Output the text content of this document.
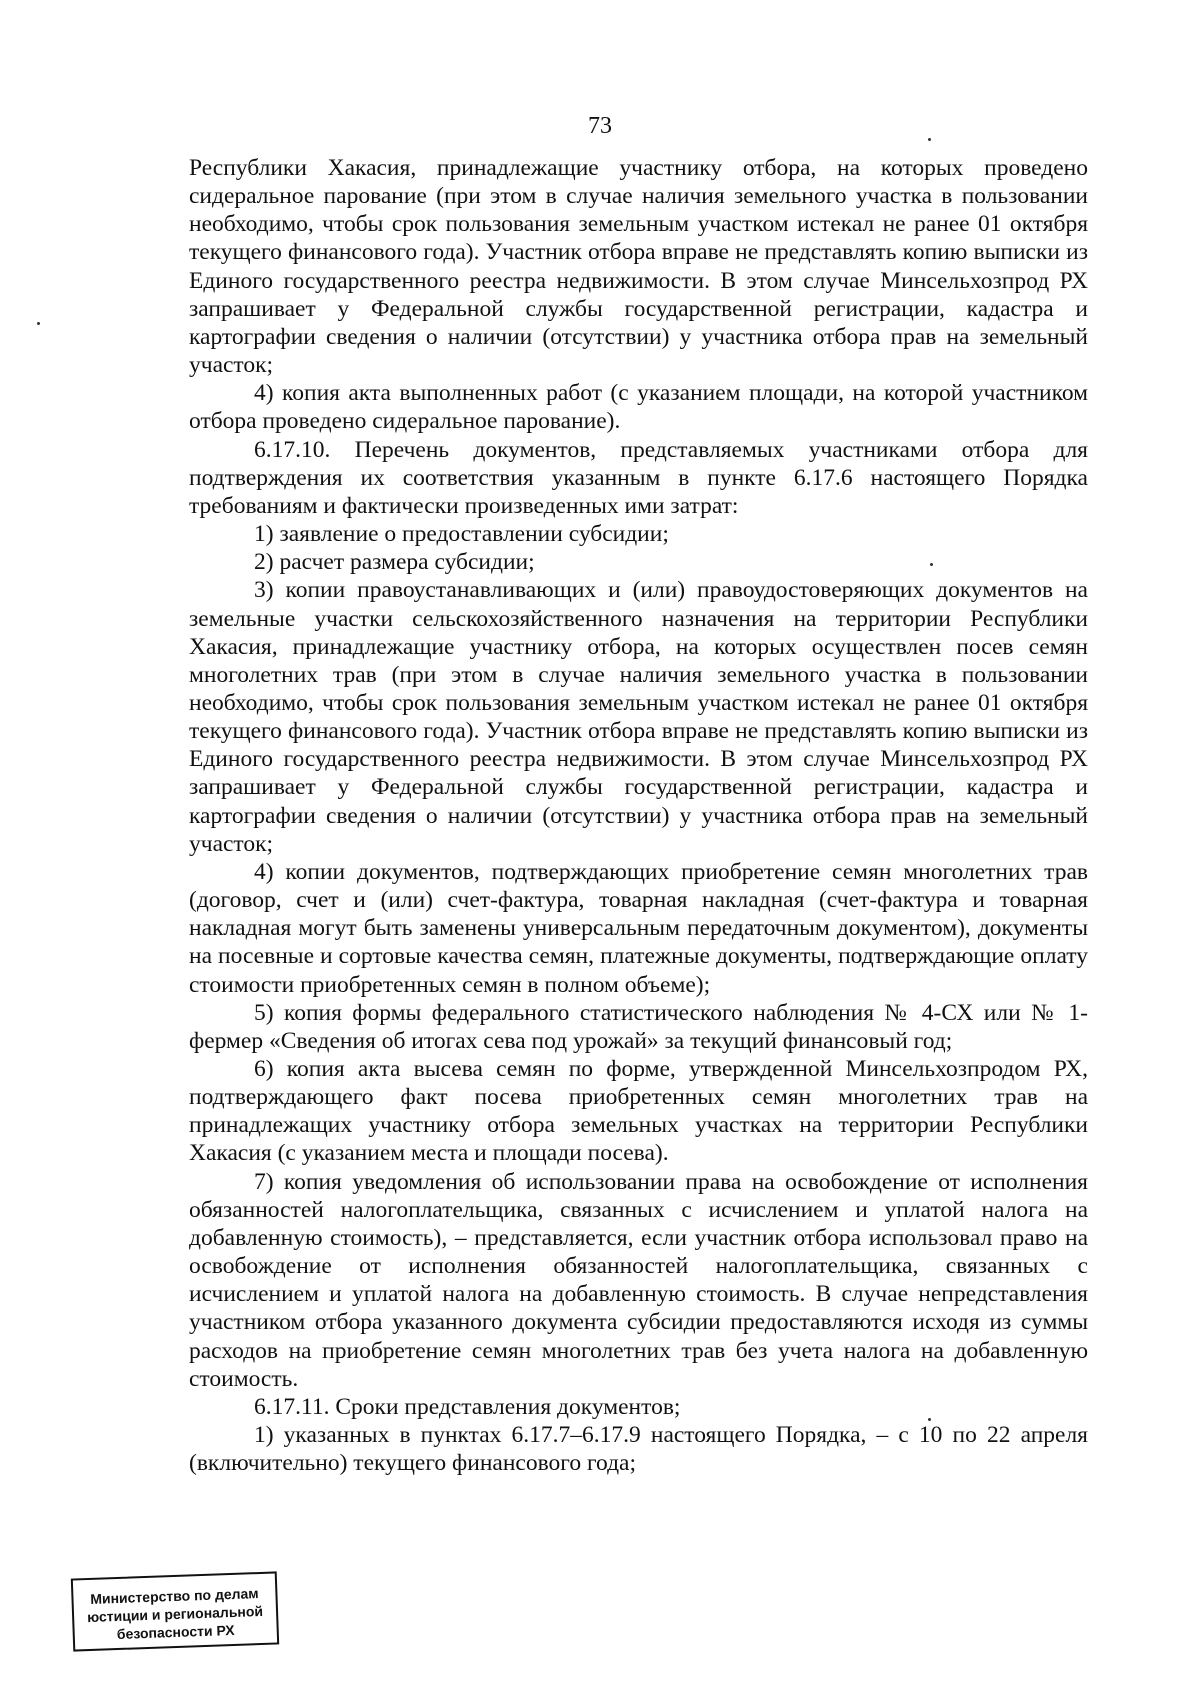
73

Республики Хакасия, принадлежащие участнику отбора, на которых проведено сидеральное парование (при этом в случае наличия земельного участка в пользовании необходимо, чтобы срок пользования земельным участком истекал не ранее 01 октября текущего финансового года). Участник отбора вправе не представлять копию выписки из Единого государственного реестра недвижимости. В этом случае Минсельхозпрод РХ запрашивает у Федеральной службы государственной регистрации, кадастра и картографии сведения о наличии (отсутствии) у участника отбора прав на земельный участок;

4) копия акта выполненных работ (с указанием площади, на которой участником отбора проведено сидеральное парование).

6.17.10. Перечень документов, представляемых участниками отбора для подтверждения их соответствия указанным в пункте 6.17.6 настоящего Порядка требованиям и фактически произведенных ими затрат:

1) заявление о предоставлении субсидии;

2) расчет размера субсидии;

3) копии правоустанавливающих и (или) правоудостоверяющих документов на земельные участки сельскохозяйственного назначения на территории Республики Хакасия, принадлежащие участнику отбора, на которых осуществлен посев семян многолетних трав (при этом в случае наличия земельного участка в пользовании необходимо, чтобы срок пользования земельным участком истекал не ранее 01 октября текущего финансового года). Участник отбора вправе не представлять копию выписки из Единого государственного реестра недвижимости. В этом случае Минсельхозпрод РХ запрашивает у Федеральной службы государственной регистрации, кадастра и картографии сведения о наличии (отсутствии) у участника отбора прав на земельный участок;

4) копии документов, подтверждающих приобретение семян многолетних трав (договор, счет и (или) счет-фактура, товарная накладная (счет-фактура и товарная накладная могут быть заменены универсальным передаточным документом), документы на посевные и сортовые качества семян, платежные документы, подтверждающие оплату стоимости приобретенных семян в полном объеме);

5) копия формы федерального статистического наблюдения № 4-СХ или № 1-фермер «Сведения об итогах сева под урожай» за текущий финансовый год;

6) копия акта высева семян по форме, утвержденной Минсельхозпродом РХ, подтверждающего факт посева приобретенных семян многолетних трав на принадлежащих участнику отбора земельных участках на территории Республики Хакасия (с указанием места и площади посева).

7) копия уведомления об использовании права на освобождение от исполнения обязанностей налогоплательщика, связанных с исчислением и уплатой налога на добавленную стоимость), – представляется, если участник отбора использовал право на освобождение от исполнения обязанностей налогоплательщика, связанных с исчислением и уплатой налога на добавленную стоимость. В случае непредставления участником отбора указанного документа субсидии предоставляются исходя из суммы расходов на приобретение семян многолетних трав без учета налога на добавленную стоимость.

6.17.11. Сроки представления документов;

1) указанных в пунктах 6.17.7–6.17.9 настоящего Порядка, – с 10 по 22 апреля (включительно) текущего финансового года;

Министерство по делам
юстиции и региональной
безопасности РХ
